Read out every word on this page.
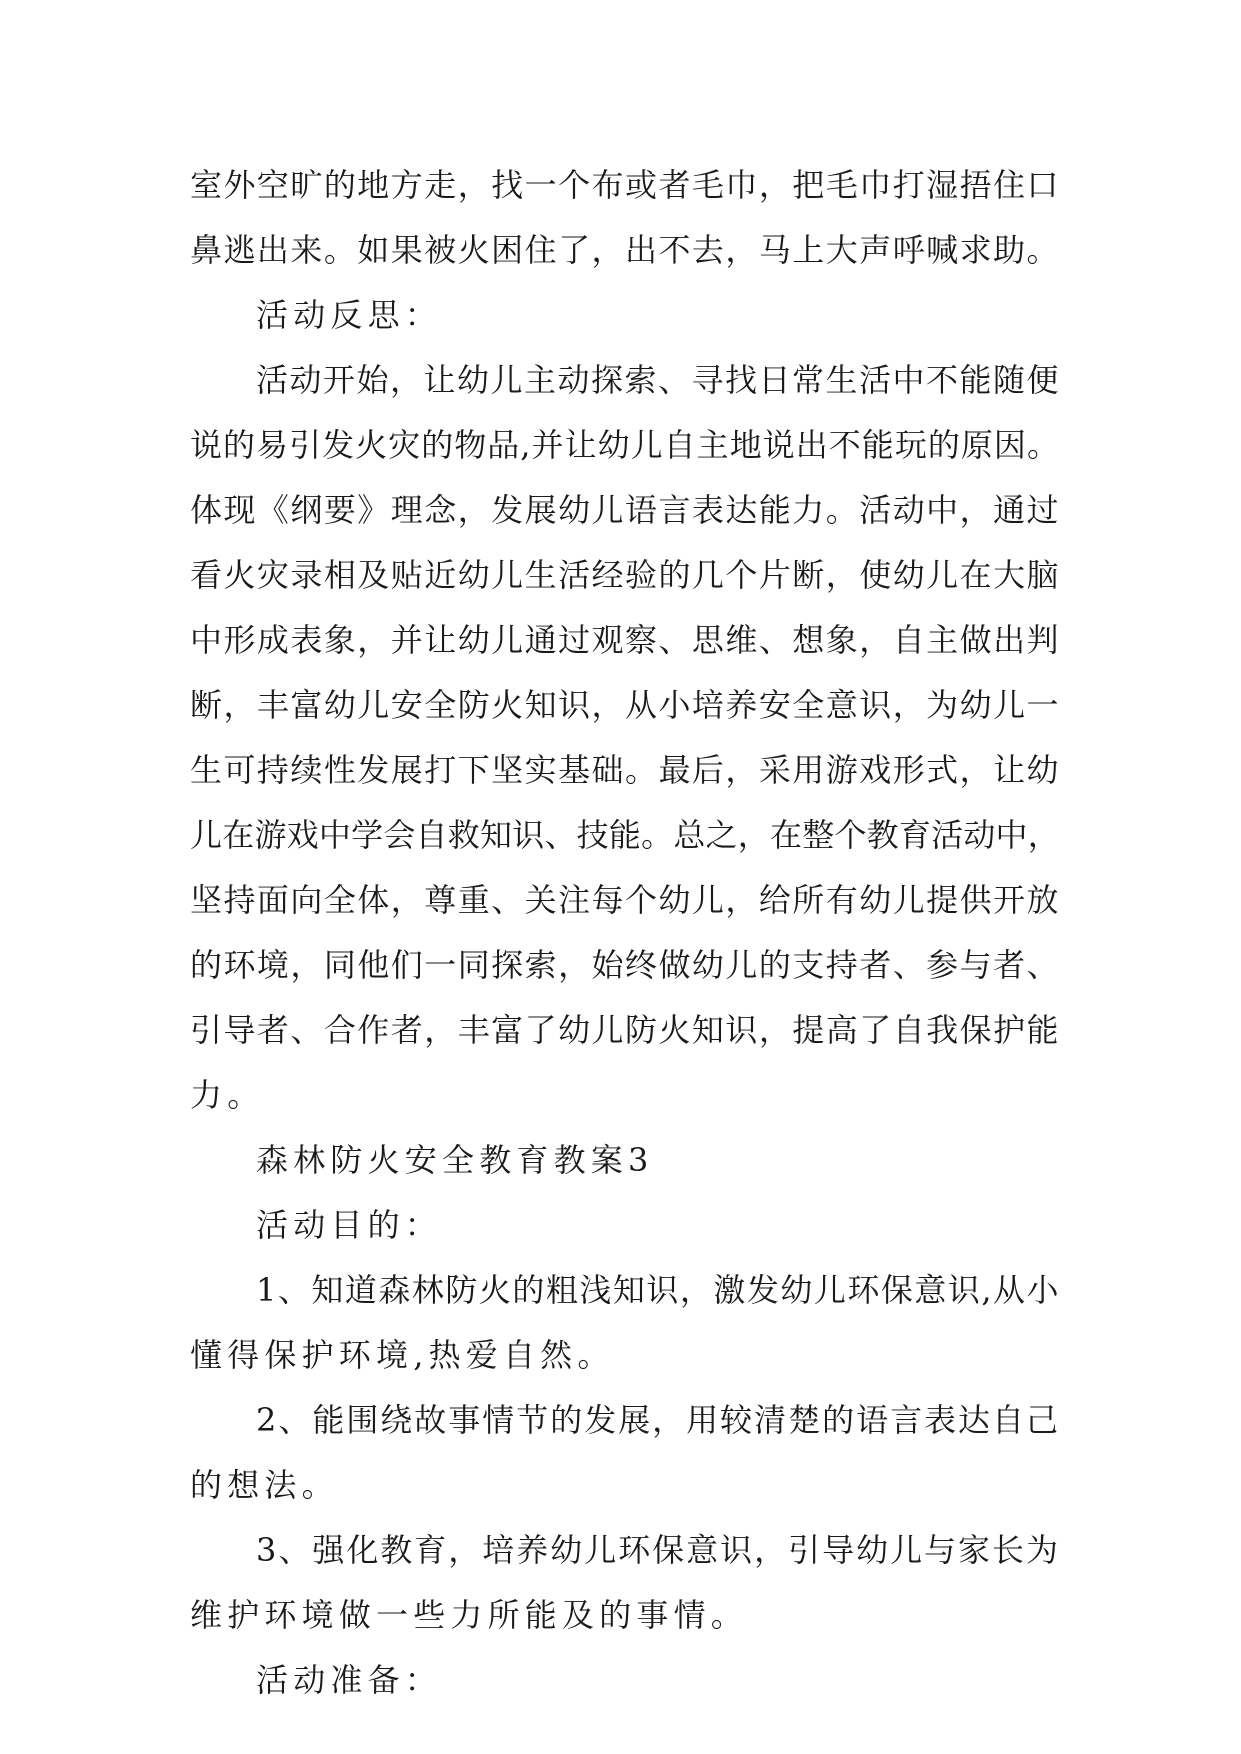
室外空旷的地方走，找一个布或者毛巾，把毛巾打湿捂住口
鼻逃出来。如果被火困住了，出不去，马上大声呼喊求助。
活动反思：
活动开始，让幼儿主动探索、寻找日常生活中不能随便
说的易引发火灾的物品,并让幼儿自主地说出不能玩的原因。
体现《纲要》理念，发展幼儿语言表达能力。活动中，通过
看火灾录相及贴近幼儿生活经验的几个片断，使幼儿在大脑
中形成表象，并让幼儿通过观察、思维、想象，自主做出判
断，丰富幼儿安全防火知识，从小培养安全意识，为幼儿一
生可持续性发展打下坚实基础。最后，采用游戏形式，让幼
儿在游戏中学会自救知识、技能。总之，在整个教育活动中，
坚持面向全体，尊重、关注每个幼儿，给所有幼儿提供开放
的环境，同他们一同探索，始终做幼儿的支持者、参与者、
引导者、合作者，丰富了幼儿防火知识，提高了自我保护能
力。
森林防火安全教育教案3
活动目的：
1、知道森林防火的粗浅知识，激发幼儿环保意识,从小
懂得保护环境,热爱自然。
2、能围绕故事情节的发展，用较清楚的语言表达自己
的想法。
3、强化教育，培养幼儿环保意识，引导幼儿与家长为
维护环境做一些力所能及的事情。
活动准备：
